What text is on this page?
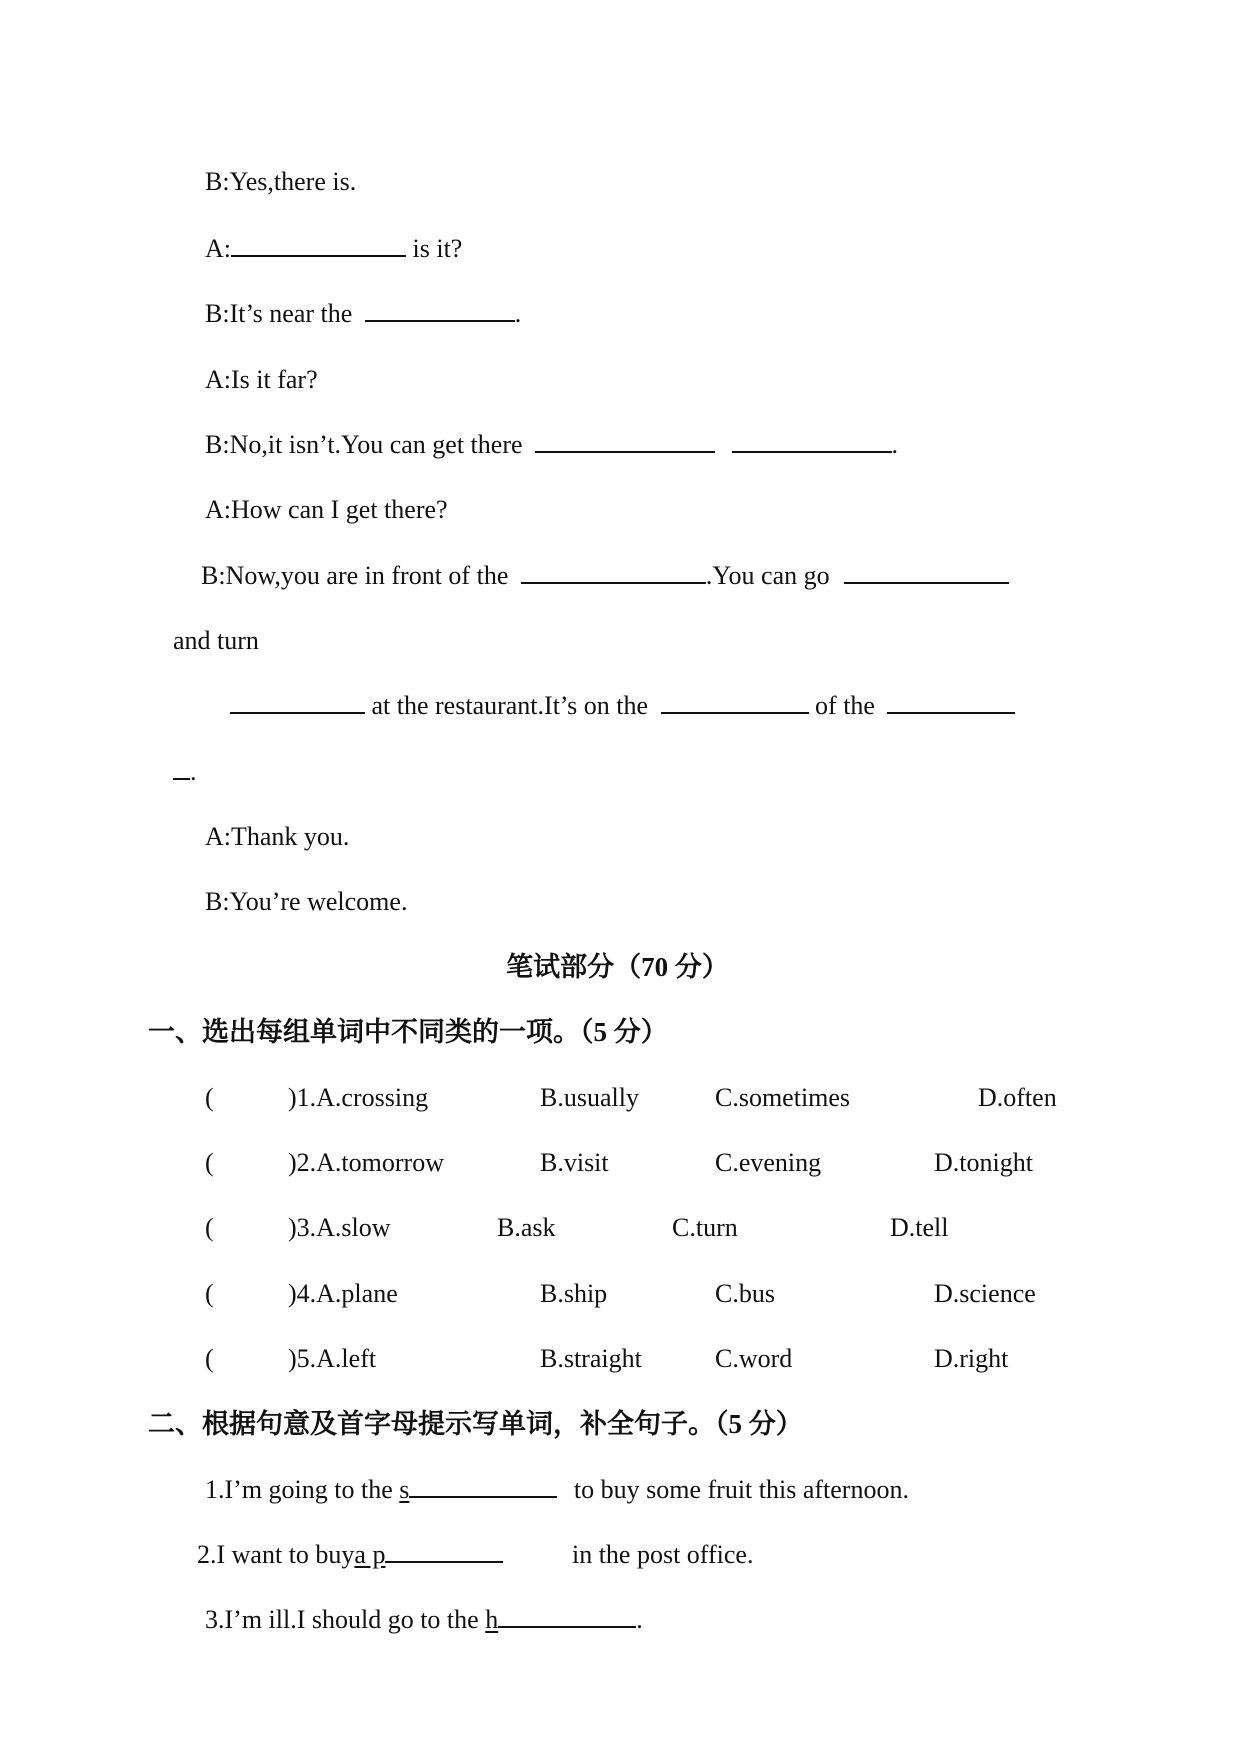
B:Yes,there is.
A:	is it?
B:It’s near the	.
A:Is it far?
B:No,it isn’t.You can get there	.
A:How can I get there?
B:Now,you are in front of the	.You can go
and turn
at the restaurant.It’s on the	of the
.
A:Thank you.
B:You’re welcome.
笔试部分（70 分）
一、选出每组单词中不同类的一项。（5 分）
(	)1.A.crossing	B.usually	C.sometimes	D.often
(	)2.A.tomorrow	B.visit	C.evening	D.tonight
(	)3.A.slow	B.ask	C.turn	D.tell
(	)4.A.plane	B.ship	C.bus	D.science
(	)5.A.left	B.straight	C.word	D.right
二、根据句意及首字母提示写单词，补全句子。（5 分）
1.I’m going to the s	to buy some fruit this afternoon.
2.I want to buya p	in the post office.
3.I’m ill.I should go to the h	.
